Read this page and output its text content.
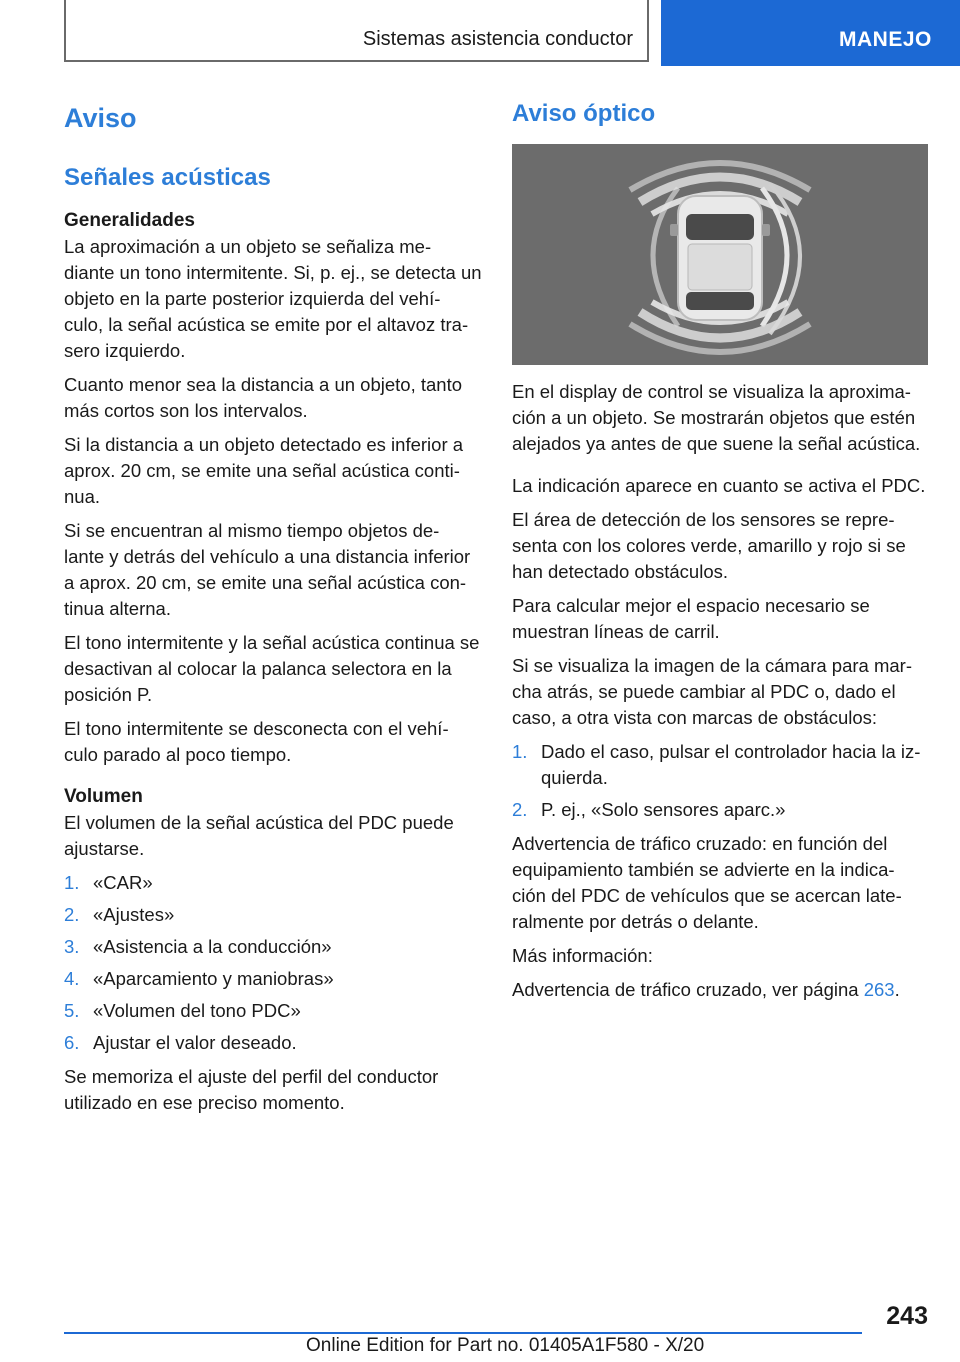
Sistemas asistencia conductor	MANEJO
Aviso
Señales acústicas
Generalidades

La aproximación a un objeto se señaliza me- diante un tono intermitente. Si, p. ej., se detecta un objeto en la parte posterior izquierda del vehí- culo, la señal acústica se emite por el altavoz tra- sero izquierdo.

Cuanto menor sea la distancia a un objeto, tanto más cortos son los intervalos.

Si la distancia a un objeto detectado es inferior a aprox. 20 cm, se emite una señal acústica conti- nua.

Si se encuentran al mismo tiempo objetos de- lante y detrás del vehículo a una distancia inferior a aprox. 20 cm, se emite una señal acústica con- tinua alterna.

El tono intermitente y la señal acústica continua se desactivan al colocar la palanca selectora en la posición P.

El tono intermitente se desconecta con el vehí- culo parado al poco tiempo.

Volumen

El volumen de la señal acústica del PDC puede ajustarse.

1. «CAR»
2. «Ajustes»
3. «Asistencia a la conducción»
4. «Aparcamiento y maniobras»
5. «Volumen del tono PDC»
6. Ajustar el valor deseado.

Se memoriza el ajuste del perfil del conductor utilizado en ese preciso momento.

Aviso óptico

En el display de control se visualiza la aproxima- ción a un objeto. Se mostrarán objetos que estén alejados ya antes de que suene la señal acústica.

La indicación aparece en cuanto se activa el PDC.

El área de detección de los sensores se repre- senta con los colores verde, amarillo y rojo si se han detectado obstáculos.

Para calcular mejor el espacio necesario se muestran líneas de carril.

Si se visualiza la imagen de la cámara para mar- cha atrás, se puede cambiar al PDC o, dado el caso, a otra vista con marcas de obstáculos:

1. Dado el caso, pulsar el controlador hacia la iz- quierda.
2. P. ej., «Solo sensores aparc.»

Advertencia de tráfico cruzado: en función del equipamiento también se advierte en la indica- ción del PDC de vehículos que se acercan late- ralmente por detrás o delante.

Más información:

Advertencia de tráfico cruzado, ver página 263.

243
Online Edition for Part no. 01405A1F580 - X/20
